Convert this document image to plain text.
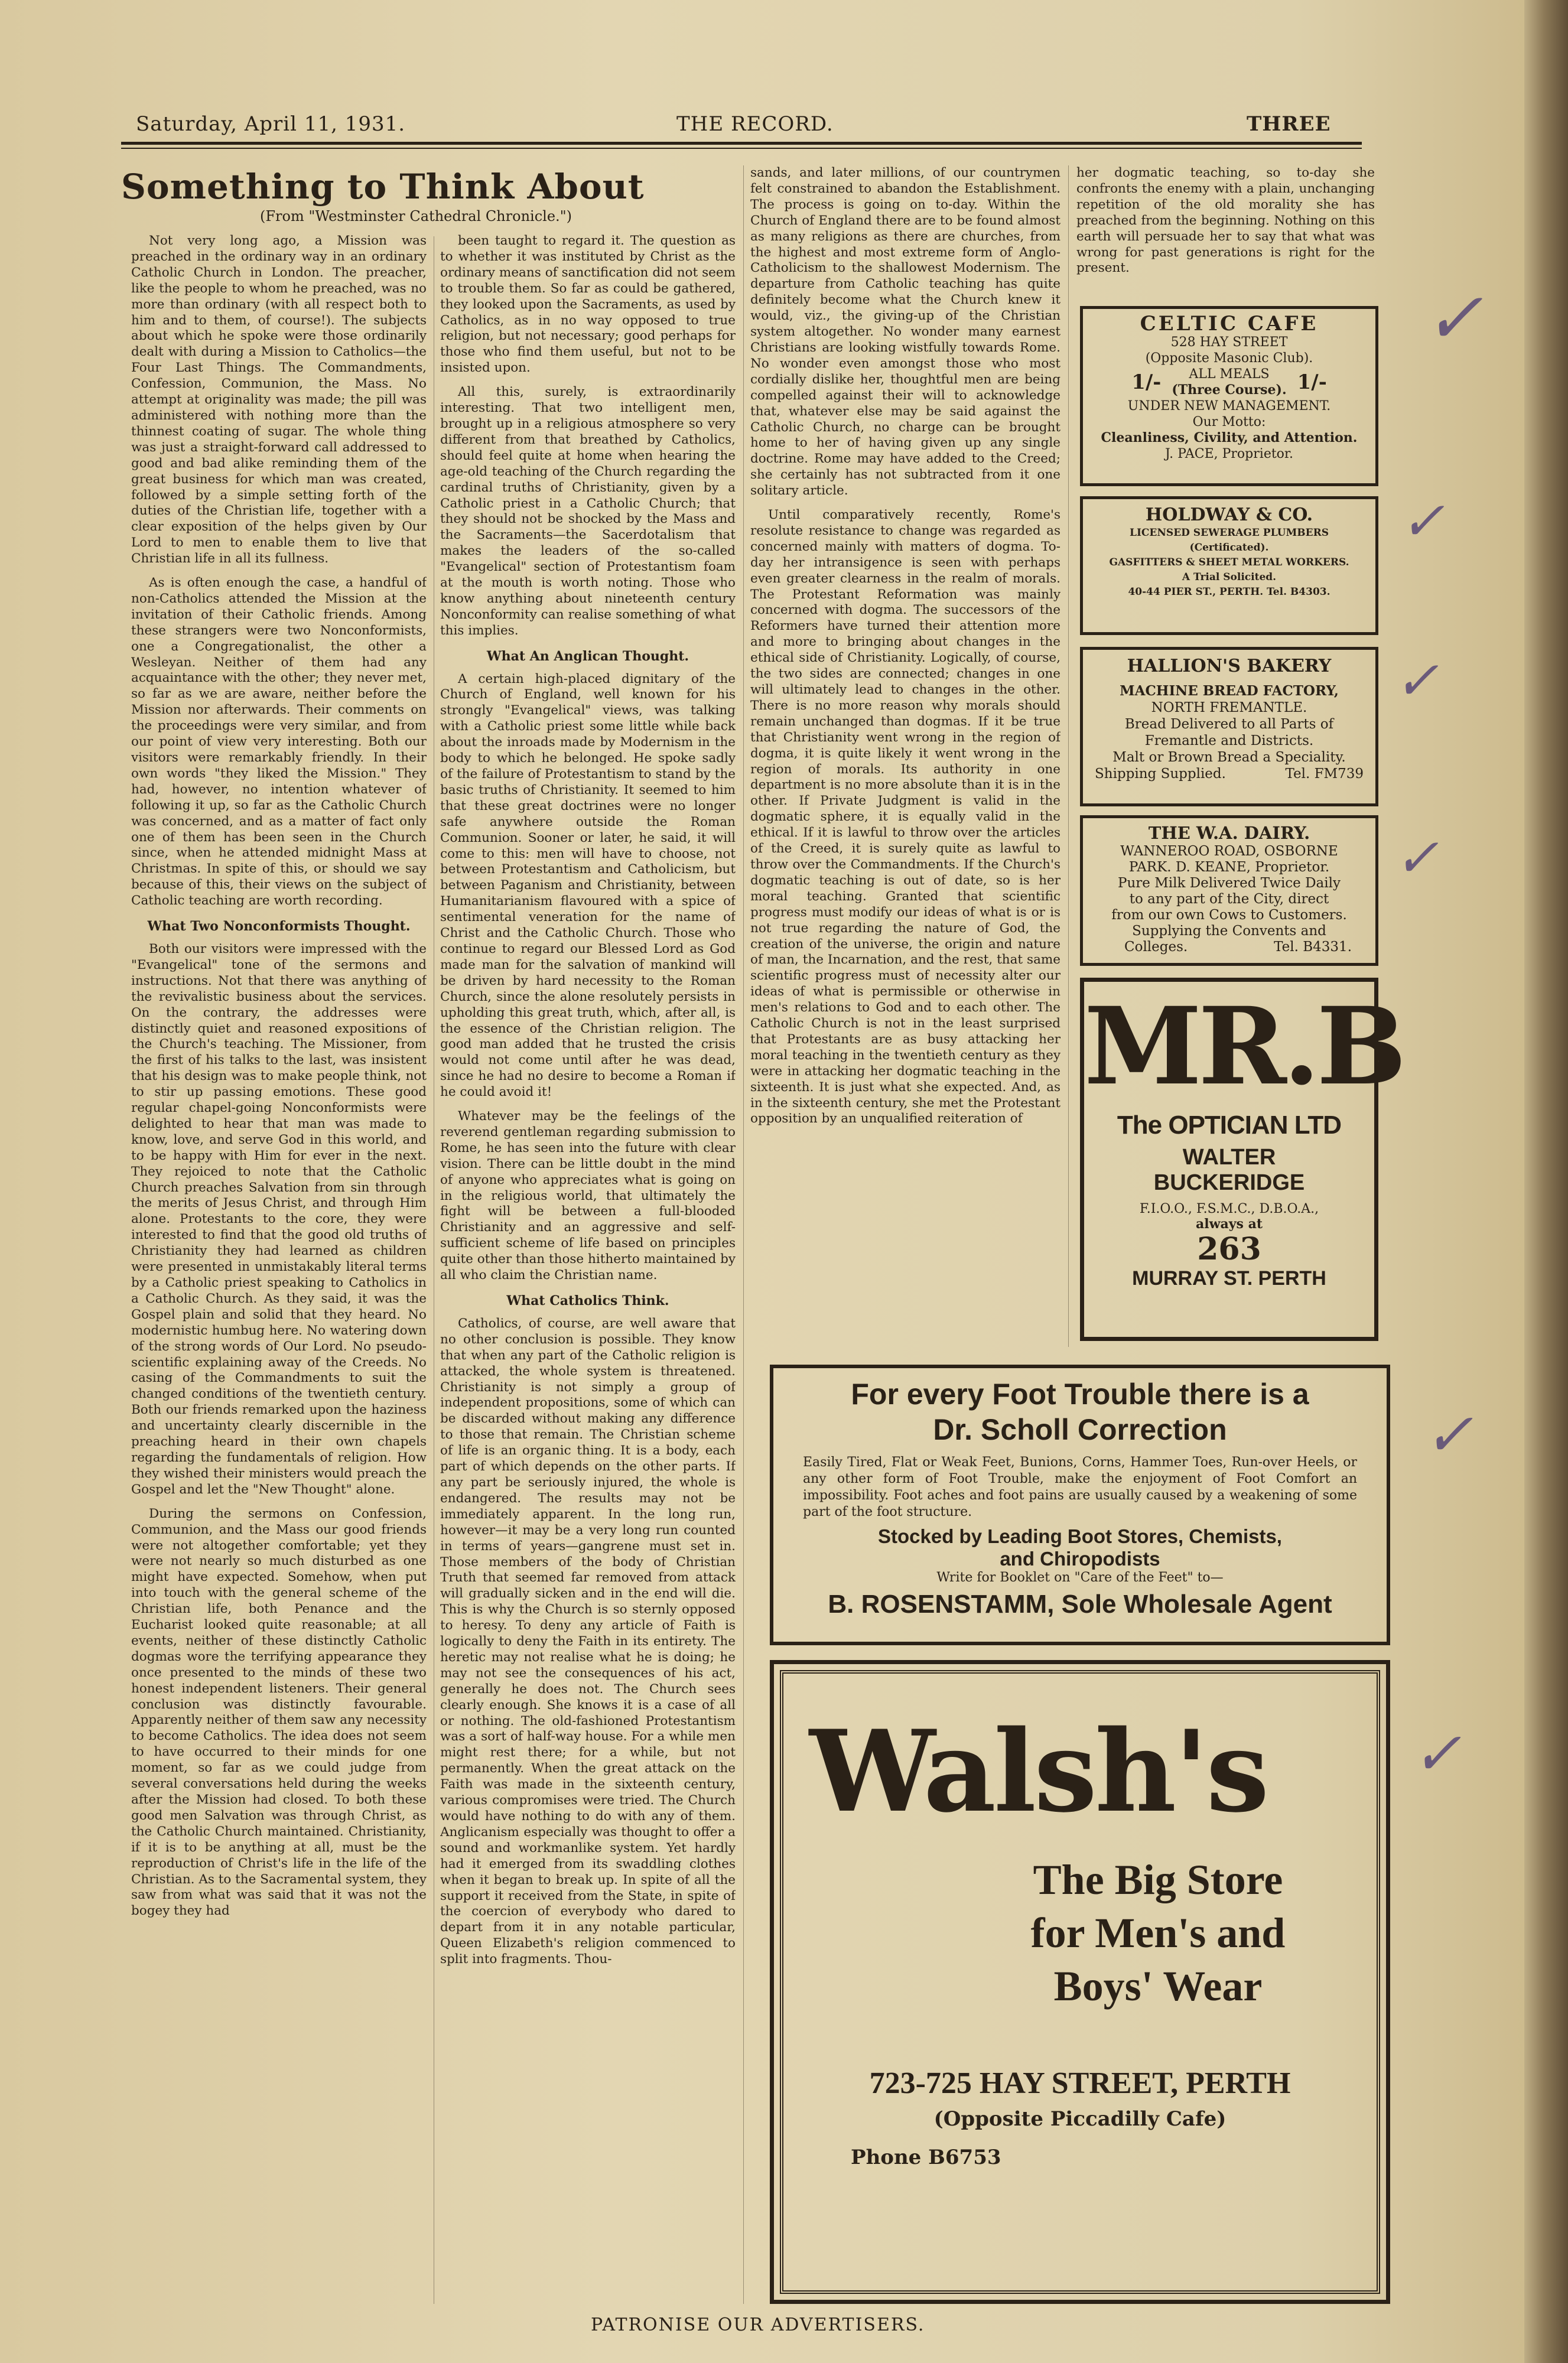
Saturday, April 11, 1931.	THE RECORD.	THREE
Something to Think About
(From "Westminster Cathedral Chronicle.")

Not very long ago, a Mission was preached in the ordinary way in an ordinary Catholic Church in London. The preacher, like the people to whom he preached, was no more than ordinary (with all respect both to him and to them, of course!). The subjects about which he spoke were those ordinarily dealt with during a Mission to Catholics—the Four Last Things. The Commandments, Confession, Communion, the Mass. No attempt at originality was made; the pill was administered with nothing more than the thinnest coating of sugar. The whole thing was just a straight-forward call addressed to good and bad alike reminding them of the great business for which man was created, followed by a simple setting forth of the duties of the Christian life, together with a clear exposition of the helps given by Our Lord to men to enable them to live that Christian life in all its fullness.

As is often enough the case, a handful of non-Catholics attended the Mission at the invitation of their Catholic friends. Among these strangers were two Nonconformists, one a Congregationalist, the other a Wesleyan. Neither of them had any acquaintance with the other; they never met, so far as we are aware, neither before the Mission nor afterwards. Their comments on the proceedings were very similar, and from our point of view very interesting. Both our visitors were remarkably friendly. In their own words "they liked the Mission." They had, however, no intention whatever of following it up, so far as the Catholic Church was concerned, and as a matter of fact only one of them has been seen in the Church since, when he attended midnight Mass at Christmas. In spite of this, or should we say because of this, their views on the subject of Catholic teaching are worth recording.

What Two Nonconformists Thought.

Both our visitors were impressed with the "Evangelical" tone of the sermons and instructions. Not that there was anything of the revivalistic business about the services. On the contrary, the addresses were distinctly quiet and reasoned expositions of the Church's teaching. The Missioner, from the first of his talks to the last, was insistent that his design was to make people think, not to stir up passing emotions. These good regular chapel-going Nonconformists were delighted to hear that man was made to know, love, and serve God in this world, and to be happy with Him for ever in the next. They rejoiced to note that the Catholic Church preaches Salvation from sin through the merits of Jesus Christ, and through Him alone. Protestants to the core, they were interested to find that the good old truths of Christianity they had learned as children were presented in unmistakably literal terms by a Catholic priest speaking to Catholics in a Catholic Church. As they said, it was the Gospel plain and solid that they heard. No modernistic humbug here. No watering down of the strong words of Our Lord. No pseudo-scientific explaining away of the Creeds. No casing of the Commandments to suit the changed conditions of the twentieth century. Both our friends remarked upon the haziness and uncertainty clearly discernible in the preaching heard in their own chapels regarding the fundamentals of religion. How they wished their ministers would preach the Gospel and let the "New Thought" alone.

During the sermons on Confession, Communion, and the Mass our good friends were not altogether comfortable; yet they were not nearly so much disturbed as one might have expected. Somehow, when put into touch with the general scheme of the Christian life, both Penance and the Eucharist looked quite reasonable; at all events, neither of these distinctly Catholic dogmas wore the terrifying appearance they once presented to the minds of these two honest independent listeners. Their general conclusion was distinctly favourable. Apparently neither of them saw any necessity to become Catholics. The idea does not seem to have occurred to their minds for one moment, so far as we could judge from several conversations held during the weeks after the Mission had closed. To both these good men Salvation was through Christ, as the Catholic Church maintained. Christianity, if it is to be anything at all, must be the reproduction of Christ's life in the life of the Christian. As to the Sacramental system, they saw from what was said that it was not the bogey they had

been taught to regard it. The question as to whether it was instituted by Christ as the ordinary means of sanctification did not seem to trouble them. So far as could be gathered, they looked upon the Sacraments, as used by Catholics, as in no way opposed to true religion, but not necessary; good perhaps for those who find them useful, but not to be insisted upon.

All this, surely, is extraordinarily interesting. That two intelligent men, brought up in a religious atmosphere so very different from that breathed by Catholics, should feel quite at home when hearing the age-old teaching of the Church regarding the cardinal truths of Christianity, given by a Catholic priest in a Catholic Church; that they should not be shocked by the Mass and the Sacraments—the Sacerdotalism that makes the leaders of the so-called "Evangelical" section of Protestantism foam at the mouth is worth noting. Those who know anything about nineteenth century Nonconformity can realise something of what this implies.

What An Anglican Thought.

A certain high-placed dignitary of the Church of England, well known for his strongly "Evangelical" views, was talking with a Catholic priest some little while back about the inroads made by Modernism in the body to which he belonged. He spoke sadly of the failure of Protestantism to stand by the basic truths of Christianity. It seemed to him that these great doctrines were no longer safe anywhere outside the Roman Communion. Sooner or later, he said, it will come to this: men will have to choose, not between Protestantism and Catholicism, but between Paganism and Christianity, between Humanitarianism flavoured with a spice of sentimental veneration for the name of Christ and the Catholic Church. Those who continue to regard our Blessed Lord as God made man for the salvation of mankind will be driven by hard necessity to the Roman Church, since the alone resolutely persists in upholding this great truth, which, after all, is the essence of the Christian religion. The good man added that he trusted the crisis would not come until after he was dead, since he had no desire to become a Roman if he could avoid it!

Whatever may be the feelings of the reverend gentleman regarding submission to Rome, he has seen into the future with clear vision. There can be little doubt in the mind of anyone who appreciates what is going on in the religious world, that ultimately the fight will be between a full-blooded Christianity and an aggressive and self-sufficient scheme of life based on principles quite other than those hitherto maintained by all who claim the Christian name.

What Catholics Think.

Catholics, of course, are well aware that no other conclusion is possible. They know that when any part of the Catholic religion is attacked, the whole system is threatened. Christianity is not simply a group of independent propositions, some of which can be discarded without making any difference to those that remain. The Christian scheme of life is an organic thing. It is a body, each part of which depends on the other parts. If any part be seriously injured, the whole is endangered. The results may not be immediately apparent. In the long run, however—it may be a very long run counted in terms of years—gangrene must set in. Those members of the body of Christian Truth that seemed far removed from attack will gradually sicken and in the end will die. This is why the Church is so sternly opposed to heresy. To deny any article of Faith is logically to deny the Faith in its entirety. The heretic may not realise what he is doing; he may not see the consequences of his act, generally he does not. The Church sees clearly enough. She knows it is a case of all or nothing. The old-fashioned Protestantism was a sort of half-way house. For a while men might rest there; for a while, but not permanently. When the great attack on the Faith was made in the sixteenth century, various compromises were tried. The Church would have nothing to do with any of them. Anglicanism especially was thought to offer a sound and workmanlike system. Yet hardly had it emerged from its swaddling clothes when it began to break up. In spite of all the support it received from the State, in spite of the coercion of everybody who dared to depart from it in any notable particular, Queen Elizabeth's religion commenced to split into fragments. Thou-

sands, and later millions, of our countrymen felt constrained to abandon the Establishment. The process is going on to-day. Within the Church of England there are to be found almost as many religions as there are churches, from the highest and most extreme form of Anglo-Catholicism to the shallowest Modernism. The departure from Catholic teaching has quite definitely become what the Church knew it would, viz., the giving-up of the Christian system altogether. No wonder many earnest Christians are looking wistfully towards Rome. No wonder even amongst those who most cordially dislike her, thoughtful men are being compelled against their will to acknowledge that, whatever else may be said against the Catholic Church, no charge can be brought home to her of having given up any single doctrine. Rome may have added to the Creed; she certainly has not subtracted from it one solitary article.

Until comparatively recently, Rome's resolute resistance to change was regarded as concerned mainly with matters of dogma. To-day her intransigence is seen with perhaps even greater clearness in the realm of morals. The Protestant Reformation was mainly concerned with dogma. The successors of the Reformers have turned their attention more and more to bringing about changes in the ethical side of Christianity. Logically, of course, the two sides are connected; changes in one will ultimately lead to changes in the other. There is no more reason why morals should remain unchanged than dogmas. If it be true that Christianity went wrong in the region of dogma, it is quite likely it went wrong in the region of morals. Its authority in one department is no more absolute than it is in the other. If Private Judgment is valid in the dogmatic sphere, it is equally valid in the ethical. If it is lawful to throw over the articles of the Creed, it is surely quite as lawful to throw over the Commandments. If the Church's dogmatic teaching is out of date, so is her moral teaching. Granted that scientific progress must modify our ideas of what is or is not true regarding the nature of God, the creation of the universe, the origin and nature of man, the Incarnation, and the rest, that same scientific progress must of necessity alter our ideas of what is permissible or otherwise in men's relations to God and to each other. The Catholic Church is not in the least surprised that Protestants are as busy attacking her moral teaching in the twentieth century as they were in attacking her dogmatic teaching in the sixteenth. It is just what she expected. And, as in the sixteenth century, she met the Protestant opposition by an unqualified reiteration of

her dogmatic teaching, so to-day she confronts the enemy with a plain, unchanging repetition of the old morality she has preached from the beginning. Nothing on this earth will persuade her to say that what was wrong for past generations is right for the present.

CELTIC CAFE
528 HAY STREET
(Opposite Masonic Club).
1/-	ALL MEALS
(Three Course). 1/-
UNDER NEW MANAGEMENT.
Our Motto:
Cleanliness, Civility, and Attention.
J. PACE, Proprietor.
HOLDWAY & CO.
LICENSED SEWERAGE PLUMBERS
(Certificated).
GASFITTERS & SHEET METAL WORKERS.
A Trial Solicited.
40-44 PIER ST., PERTH. Tel. B4303.
HALLION'S BAKERY
MACHINE BREAD FACTORY,
NORTH FREMANTLE.
Bread Delivered to all Parts of
Fremantle and Districts.
Malt or Brown Bread a Speciality.
Shipping Supplied.	Tel. FM739
THE W.A. DAIRY.
WANNEROO ROAD, OSBORNE
PARK. D. KEANE, Proprietor.
Pure Milk Delivered Twice Daily
to any part of the City, direct
from our own Cows to Customers.
Supplying the Convents and
Colleges.	Tel. B4331.
MR.B
The OPTICIAN LTD
WALTER
BUCKERIDGE
F.I.O.O., F.S.M.C., D.B.O.A.,
always at
263
MURRAY ST. PERTH
For every Foot Trouble there is a
Dr. Scholl Correction
Easily Tired, Flat or Weak Feet, Bunions, Corns, Hammer Toes, Run-over Heels, or any other form of Foot Trouble, make the enjoyment of Foot Comfort an impossibility. Foot aches and foot pains are usually caused by a weakening of some part of the foot structure.
Stocked by Leading Boot Stores, Chemists,
and Chiropodists
Write for Booklet on "Care of the Feet" to—
B. ROSENSTAMM, Sole Wholesale Agent
Walsh's
The Big Store
for Men's and
Boys' Wear
723-725 HAY STREET, PERTH
(Opposite Piccadilly Cafe)
Phone B6753
✓
✓
✓
✓
✓
✓
PATRONISE OUR ADVERTISERS.
